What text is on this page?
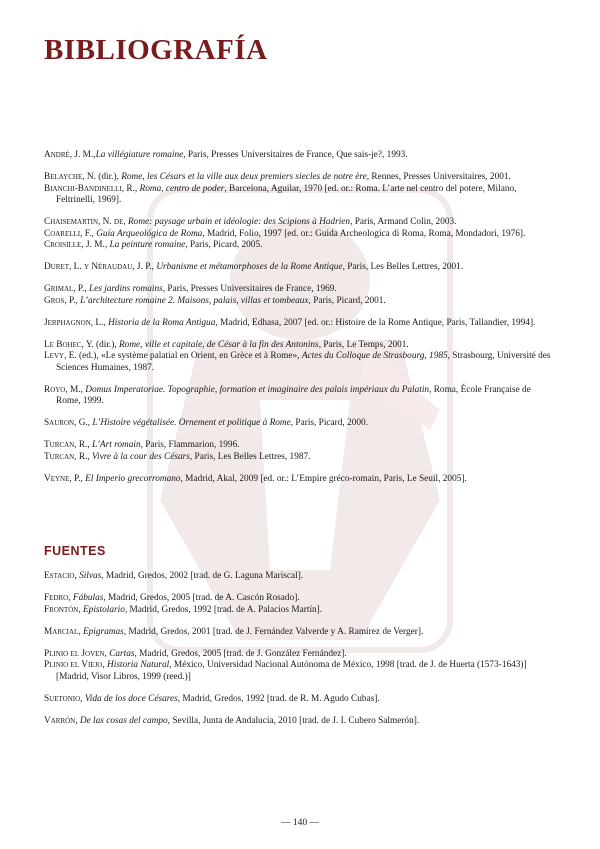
BIBLIOGRAFÍA
André, J. M.,La villégiature romaine, Paris, Presses Universitaires de France, Que sais-je?, 1993.
Belayche, N. (dir.), Rome, les Césars et la ville aux deux premiers siecles de notre ère, Rennes, Presses Universitaires, 2001.
Bianchi-Bandinelli, R., Roma, centro de poder, Barcelona, Aguilar, 1970 [ed. or.: Roma. L’arte nel centro del potere, Milano, Feltrinelli, 1969].
Chaisemartin, N. de, Rome: paysage urbain et idéologie: des Scipions à Hadrien, Paris, Armand Colin, 2003.
Coarelli, F., Guía Arqueológica de Roma, Madrid, Folio, 1997 [ed. or.: Guida Archeologica di Roma, Roma, Mondadori, 1976].
Croisille, J. M., La peinture romaine, Paris, Picard, 2005.
Duret, L. y Néraudau, J. P., Urbanisme et métamorphoses de la Rome Antique, Paris, Les Belles Lettres, 2001.
Grimal, P., Les jardins romains, Paris, Presses Universitaires de France, 1969.
Gros, P., L’architecture romaine 2. Maisons, palais, villas et tombeaux, Paris, Picard, 2001.
Jerphagnon, L., Historia de la Roma Antigua, Madrid, Edhasa, 2007 [ed. or.: Histoire de la Rome Antique, Paris, Tallandier, 1994].
Le Bohec, Y. (dir.), Rome, ville et capitale, de César à la fin des Antonins, Paris, Le Temps, 2001.
Levy, E. (ed.), «Le système palatial en Orient, en Grèce et à Rome», Actes du Colloque de Strasbourg, 1985, Strasbourg, Université des Sciences Humaines, 1987.
Royo, M., Domus Imperatoriae. Topographie, formation et imaginaire des palais impériaux du Palatin, Roma, École Française de Rome, 1999.
Sauron, G., L’Histoire végétalisée. Ornement et politique à Rome, Paris, Picard, 2000.
Turcan, R., L’Art romain, Paris, Flammarion, 1996.
Turcan, R., Vivre à la cour des Césars, Paris, Les Belles Lettres, 1987.
Veyne, P., El Imperio grecorromano, Madrid, Akal, 2009 [ed. or.: L’Empire gréco-romain, Paris, Le Seuil, 2005].
FUENTES
Estacio, Silvas, Madrid, Gredos, 2002 [trad. de G. Laguna Mariscal].
Fedro, Fábulas, Madrid, Gredos, 2005 [trad. de A. Cascón Rosado].
Frontón, Epistolario, Madrid, Gredos, 1992 [trad. de A. Palacios Martín].
Marcial, Epigramas, Madrid, Gredos, 2001 [trad. de J. Fernández Valverde y A. Ramírez de Verger].
Plinio el Joven, Cartas, Madrid, Gredos, 2005 [trad. de J. González Fernández].
Plinio el Viejo, Historia Natural, México, Universidad Nacional Autónoma de México, 1998 [trad. de J. de Huerta (1573-1643)] [Madrid, Visor Libros, 1999 (reed.)]
Suetonio, Vida de los doce Césares, Madrid, Gredos, 1992 [trad. de R. M. Agudo Cubas].
Varrón, De las cosas del campo, Sevilla, Junta de Andalucía, 2010 [trad. de J. I. Cubero Salmerón].
— 140 —
